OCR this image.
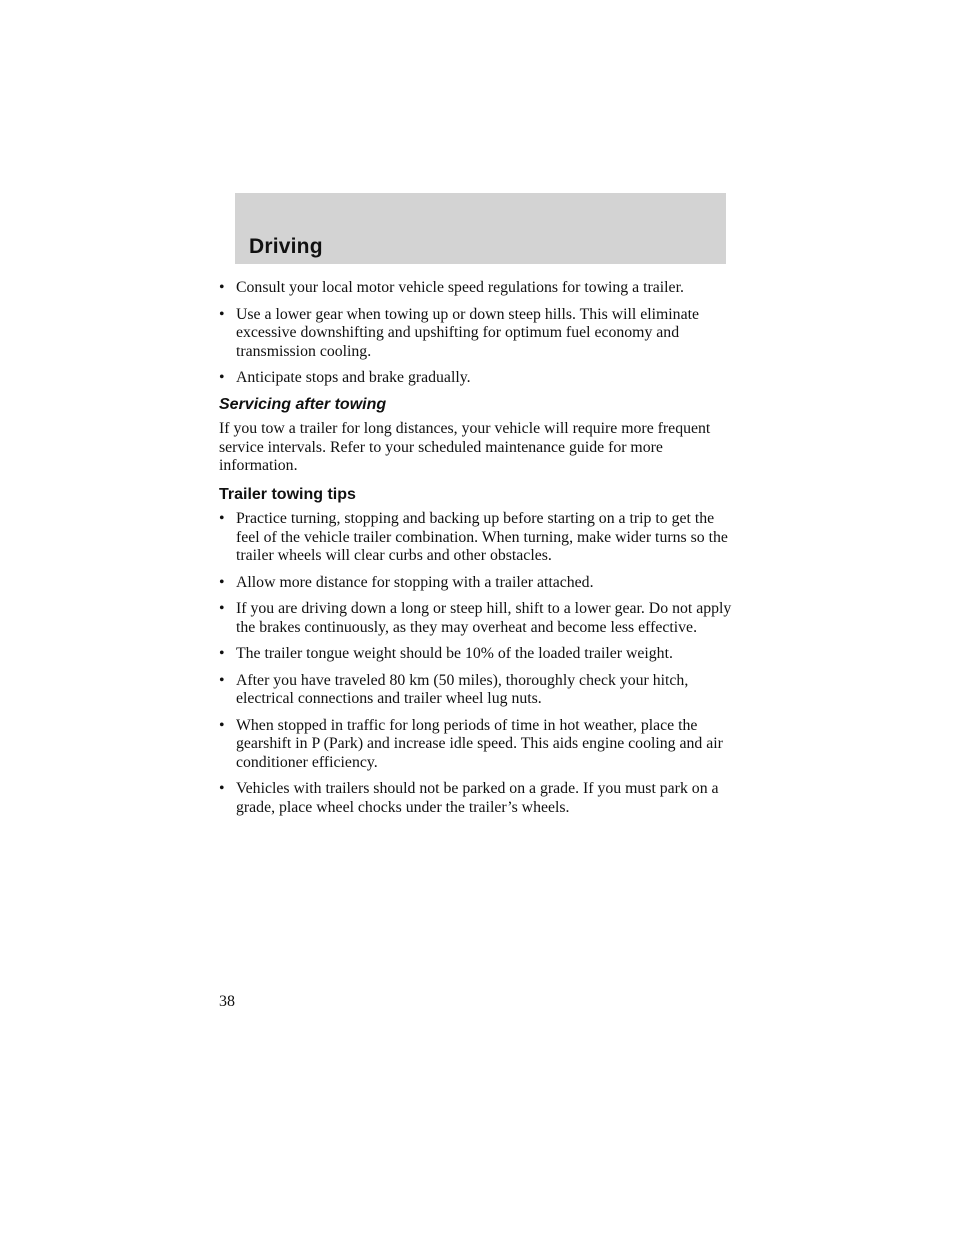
Driving
• Consult your local motor vehicle speed regulations for towing a trailer.
• Use a lower gear when towing up or down steep hills. This will eliminate excessive downshifting and upshifting for optimum fuel economy and transmission cooling.
• Anticipate stops and brake gradually.
Servicing after towing
If you tow a trailer for long distances, your vehicle will require more frequent service intervals. Refer to your scheduled maintenance guide for more information.
Trailer towing tips
• Practice turning, stopping and backing up before starting on a trip to get the feel of the vehicle trailer combination. When turning, make wider turns so the trailer wheels will clear curbs and other obstacles.
• Allow more distance for stopping with a trailer attached.
• If you are driving down a long or steep hill, shift to a lower gear. Do not apply the brakes continuously, as they may overheat and become less effective.
• The trailer tongue weight should be 10% of the loaded trailer weight.
• After you have traveled 80 km (50 miles), thoroughly check your hitch, electrical connections and trailer wheel lug nuts.
• When stopped in traffic for long periods of time in hot weather, place the gearshift in P (Park) and increase idle speed. This aids engine cooling and air conditioner efficiency.
• Vehicles with trailers should not be parked on a grade. If you must park on a grade, place wheel chocks under the trailer’s wheels.
38
